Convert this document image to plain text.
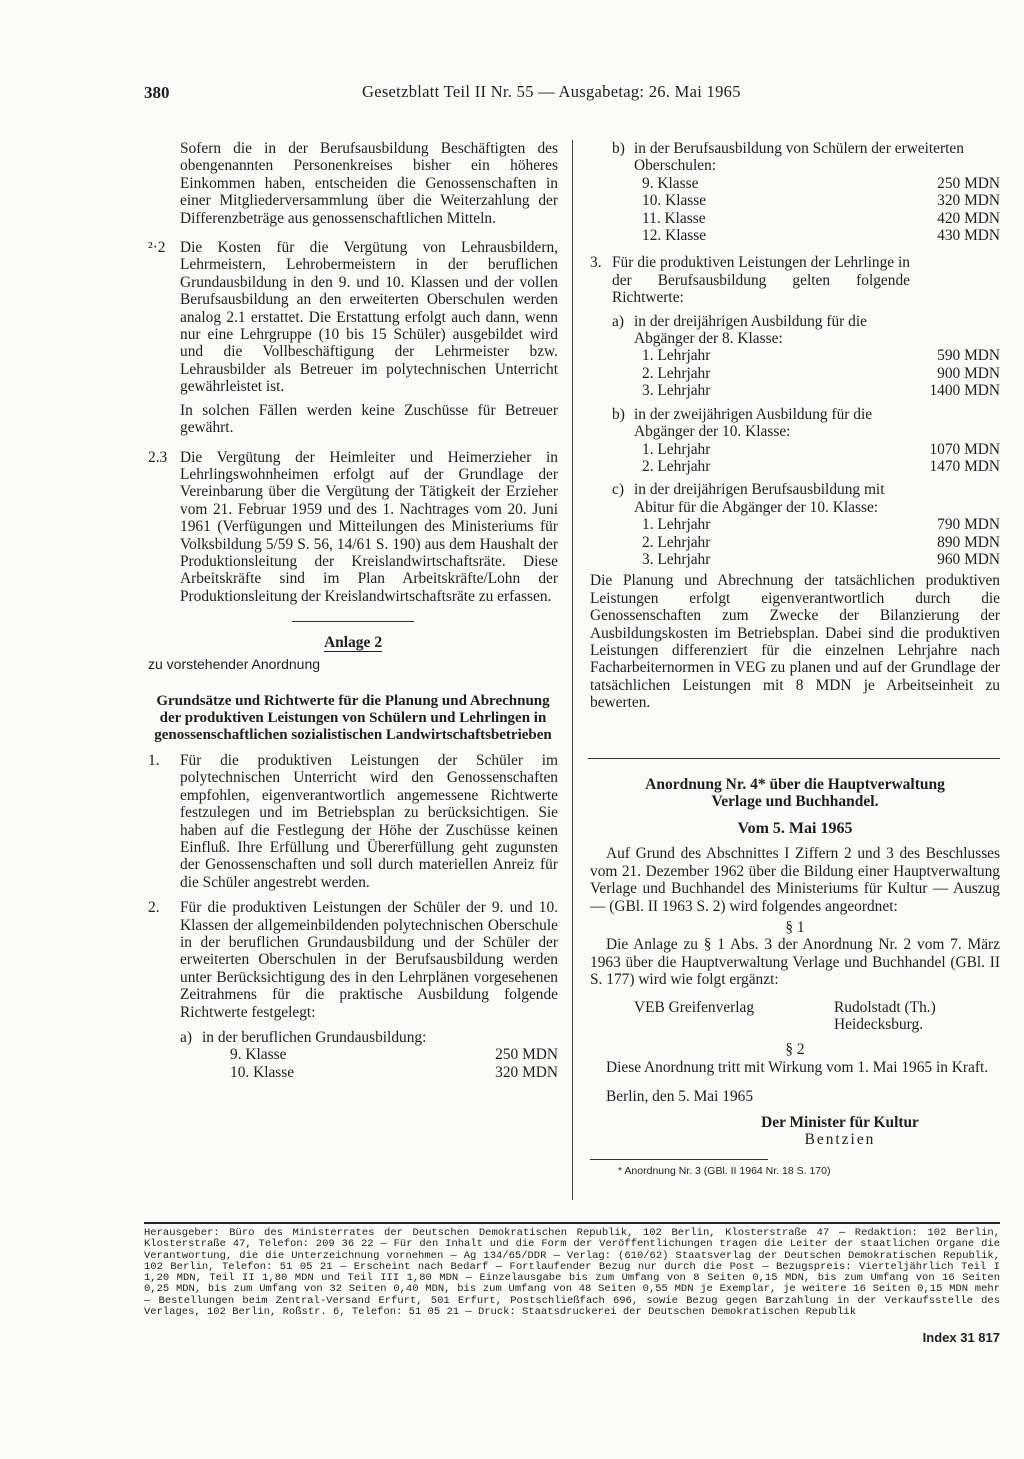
380	Gesetzblatt Teil II Nr. 55 — Ausgabetag: 26. Mai 1965

Sofern die in der Berufsausbildung Beschäftigten des obengenannten Personenkreises bisher ein höheres Einkommen haben, entscheiden die Genossenschaften in einer Mitgliederversammlung über die Weiterzahlung der Differenzbeträge aus genossenschaftlichen Mitteln.

²·2 Die Kosten für die Vergütung von Lehrausbildern, Lehrmeistern, Lehrobermeistern in der beruflichen Grundausbildung in den 9. und 10. Klassen und der vollen Berufsausbildung an den erweiterten Oberschulen werden analog 2.1 erstattet. Die Erstattung erfolgt auch dann, wenn nur eine Lehrgruppe (10 bis 15 Schüler) ausgebildet wird und die Vollbeschäftigung der Lehrmeister bzw. Lehrausbilder als Betreuer im polytechnischen Unterricht gewährleistet ist.

In solchen Fällen werden keine Zuschüsse für Betreuer gewährt.

2.3 Die Vergütung der Heimleiter und Heimerzieher in Lehrlingswohnheimen erfolgt auf der Grundlage der Vereinbarung über die Vergütung der Tätigkeit der Erzieher vom 21. Februar 1959 und des 1. Nachtrages vom 20. Juni 1961 (Verfügungen und Mitteilungen des Ministeriums für Volksbildung 5/59 S. 56, 14/61 S. 190) aus dem Haushalt der Produktionsleitung der Kreislandwirtschaftsräte. Diese Arbeitskräfte sind im Plan Arbeitskräfte/Lohn der Produktionsleitung der Kreislandwirtschaftsräte zu erfassen.

Anlage 2
zu vorstehender Anordnung

Grundsätze und Richtwerte für die Planung und Abrechnung der produktiven Leistungen von Schülern und Lehrlingen in genossenschaftlichen sozialistischen Landwirtschaftsbetrieben

1.	Für die produktiven Leistungen der Schüler im polytechnischen Unterricht wird den Genossenschaften empfohlen, eigenverantwortlich angemessene Richtwerte festzulegen und im Betriebsplan zu berücksichtigen. Sie haben auf die Festlegung der Höhe der Zuschüsse keinen Einfluß. Ihre Erfüllung und Übererfüllung geht zugunsten der Genossenschaften und soll durch materiellen Anreiz für die Schüler angestrebt werden.

2.	Für die produktiven Leistungen der Schüler der 9. und 10. Klassen der allgemeinbildenden polytechnischen Oberschule in der beruflichen Grundausbildung und der Schüler der erweiterten Oberschulen in der Berufsausbildung werden unter Berücksichtigung des in den Lehrplänen vorgesehenen Zeitrahmens für die praktische Ausbildung folgende Richtwerte festgelegt:

a) in der beruflichen Grundausbildung:
9. Klasse	250 MDN
10. Klasse	320 MDN
b) in der Berufsausbildung von Schülern der erweiterten Oberschulen:
9. Klasse	250 MDN
10. Klasse	320 MDN
11. Klasse	420 MDN
12. Klasse	430 MDN
3. Für die produktiven Leistungen der Lehrlinge in der Berufsausbildung gelten folgende Richtwerte:

a) in der dreijährigen Ausbildung für die Abgänger der 8. Klasse:
1. Lehrjahr	590 MDN
2. Lehrjahr	900 MDN
3. Lehrjahr	1400 MDN
b) in der zweijährigen Ausbildung für die Abgänger der 10. Klasse:
1. Lehrjahr	1070 MDN
2. Lehrjahr	1470 MDN
c) in der dreijährigen Berufsausbildung mit Abitur für die Abgänger der 10. Klasse:
1. Lehrjahr	790 MDN
2. Lehrjahr	890 MDN
3. Lehrjahr	960 MDN

Die Planung und Abrechnung der tatsächlichen produktiven Leistungen erfolgt eigenverantwortlich durch die Genossenschaften zum Zwecke der Bilanzierung der Ausbildungskosten im Betriebsplan. Dabei sind die produktiven Leistungen differenziert für die einzelnen Lehrjahre nach Facharbeiternormen in VEG zu planen und auf der Grundlage der tatsächlichen Leistungen mit 8 MDN je Arbeitseinheit zu bewerten.

Anordnung Nr. 4* über die Hauptverwaltung Verlage und Buchhandel.

Vom 5. Mai 1965

Auf Grund des Abschnittes I Ziffern 2 und 3 des Beschlusses vom 21. Dezember 1962 über die Bildung einer Hauptverwaltung Verlage und Buchhandel des Ministeriums für Kultur — Auszug — (GBl. II 1963 S. 2) wird folgendes angeordnet:

§ 1

Die Anlage zu § 1 Abs. 3 der Anordnung Nr. 2 vom 7. März 1963 über die Hauptverwaltung Verlage und Buchhandel (GBl. II S. 177) wird wie folgt ergänzt:

VEB Greifenverlag	Rudolstadt (Th.) Heidecksburg.

§ 2

Diese Anordnung tritt mit Wirkung vom 1. Mai 1965 in Kraft.

Berlin, den 5. Mai 1965

Der Minister für Kultur

Bentzien

* Anordnung Nr. 3 (GBl. II 1964 Nr. 18 S. 170)

Herausgeber: Büro des Ministerrates der Deutschen Demokratischen Republik, 102 Berlin, Klosterstraße 47 — Redaktion: 102 Berlin, Klosterstraße 47, Telefon: 209 36 22 — Für den Inhalt und die Form der Veröffentlichungen tragen die Leiter der staatlichen Organe die Verantwortung, die die Unterzeichnung vornehmen — Ag 134/65/DDR — Verlag: (610/62) Staatsverlag der Deutschen Demokratischen Republik, 102 Berlin, Telefon: 51 05 21 — Erscheint nach Bedarf — Fortlaufender Bezug nur durch die Post — Bezugspreis: Vierteljährlich Teil I 1,20 MDN, Teil II 1,80 MDN und Teil III 1,80 MDN — Einzelausgabe bis zum Umfang von 8 Seiten 0,15 MDN, bis zum Umfang von 16 Seiten 0,25 MDN, bis zum Umfang von 32 Seiten 0,40 MDN, bis zum Umfang von 48 Seiten 0,55 MDN je Exemplar, je weitere 16 Seiten 0,15 MDN mehr — Bestellungen beim Zentral-Versand Erfurt, 501 Erfurt, Postschließfach 696, sowie Bezug gegen Barzahlung in der Verkaufsstelle des Verlages, 102 Berlin, Roßstr. 6, Telefon: 51 05 21 — Druck: Staatsdruckerei der Deutschen Demokratischen Republik
Index 31 817
